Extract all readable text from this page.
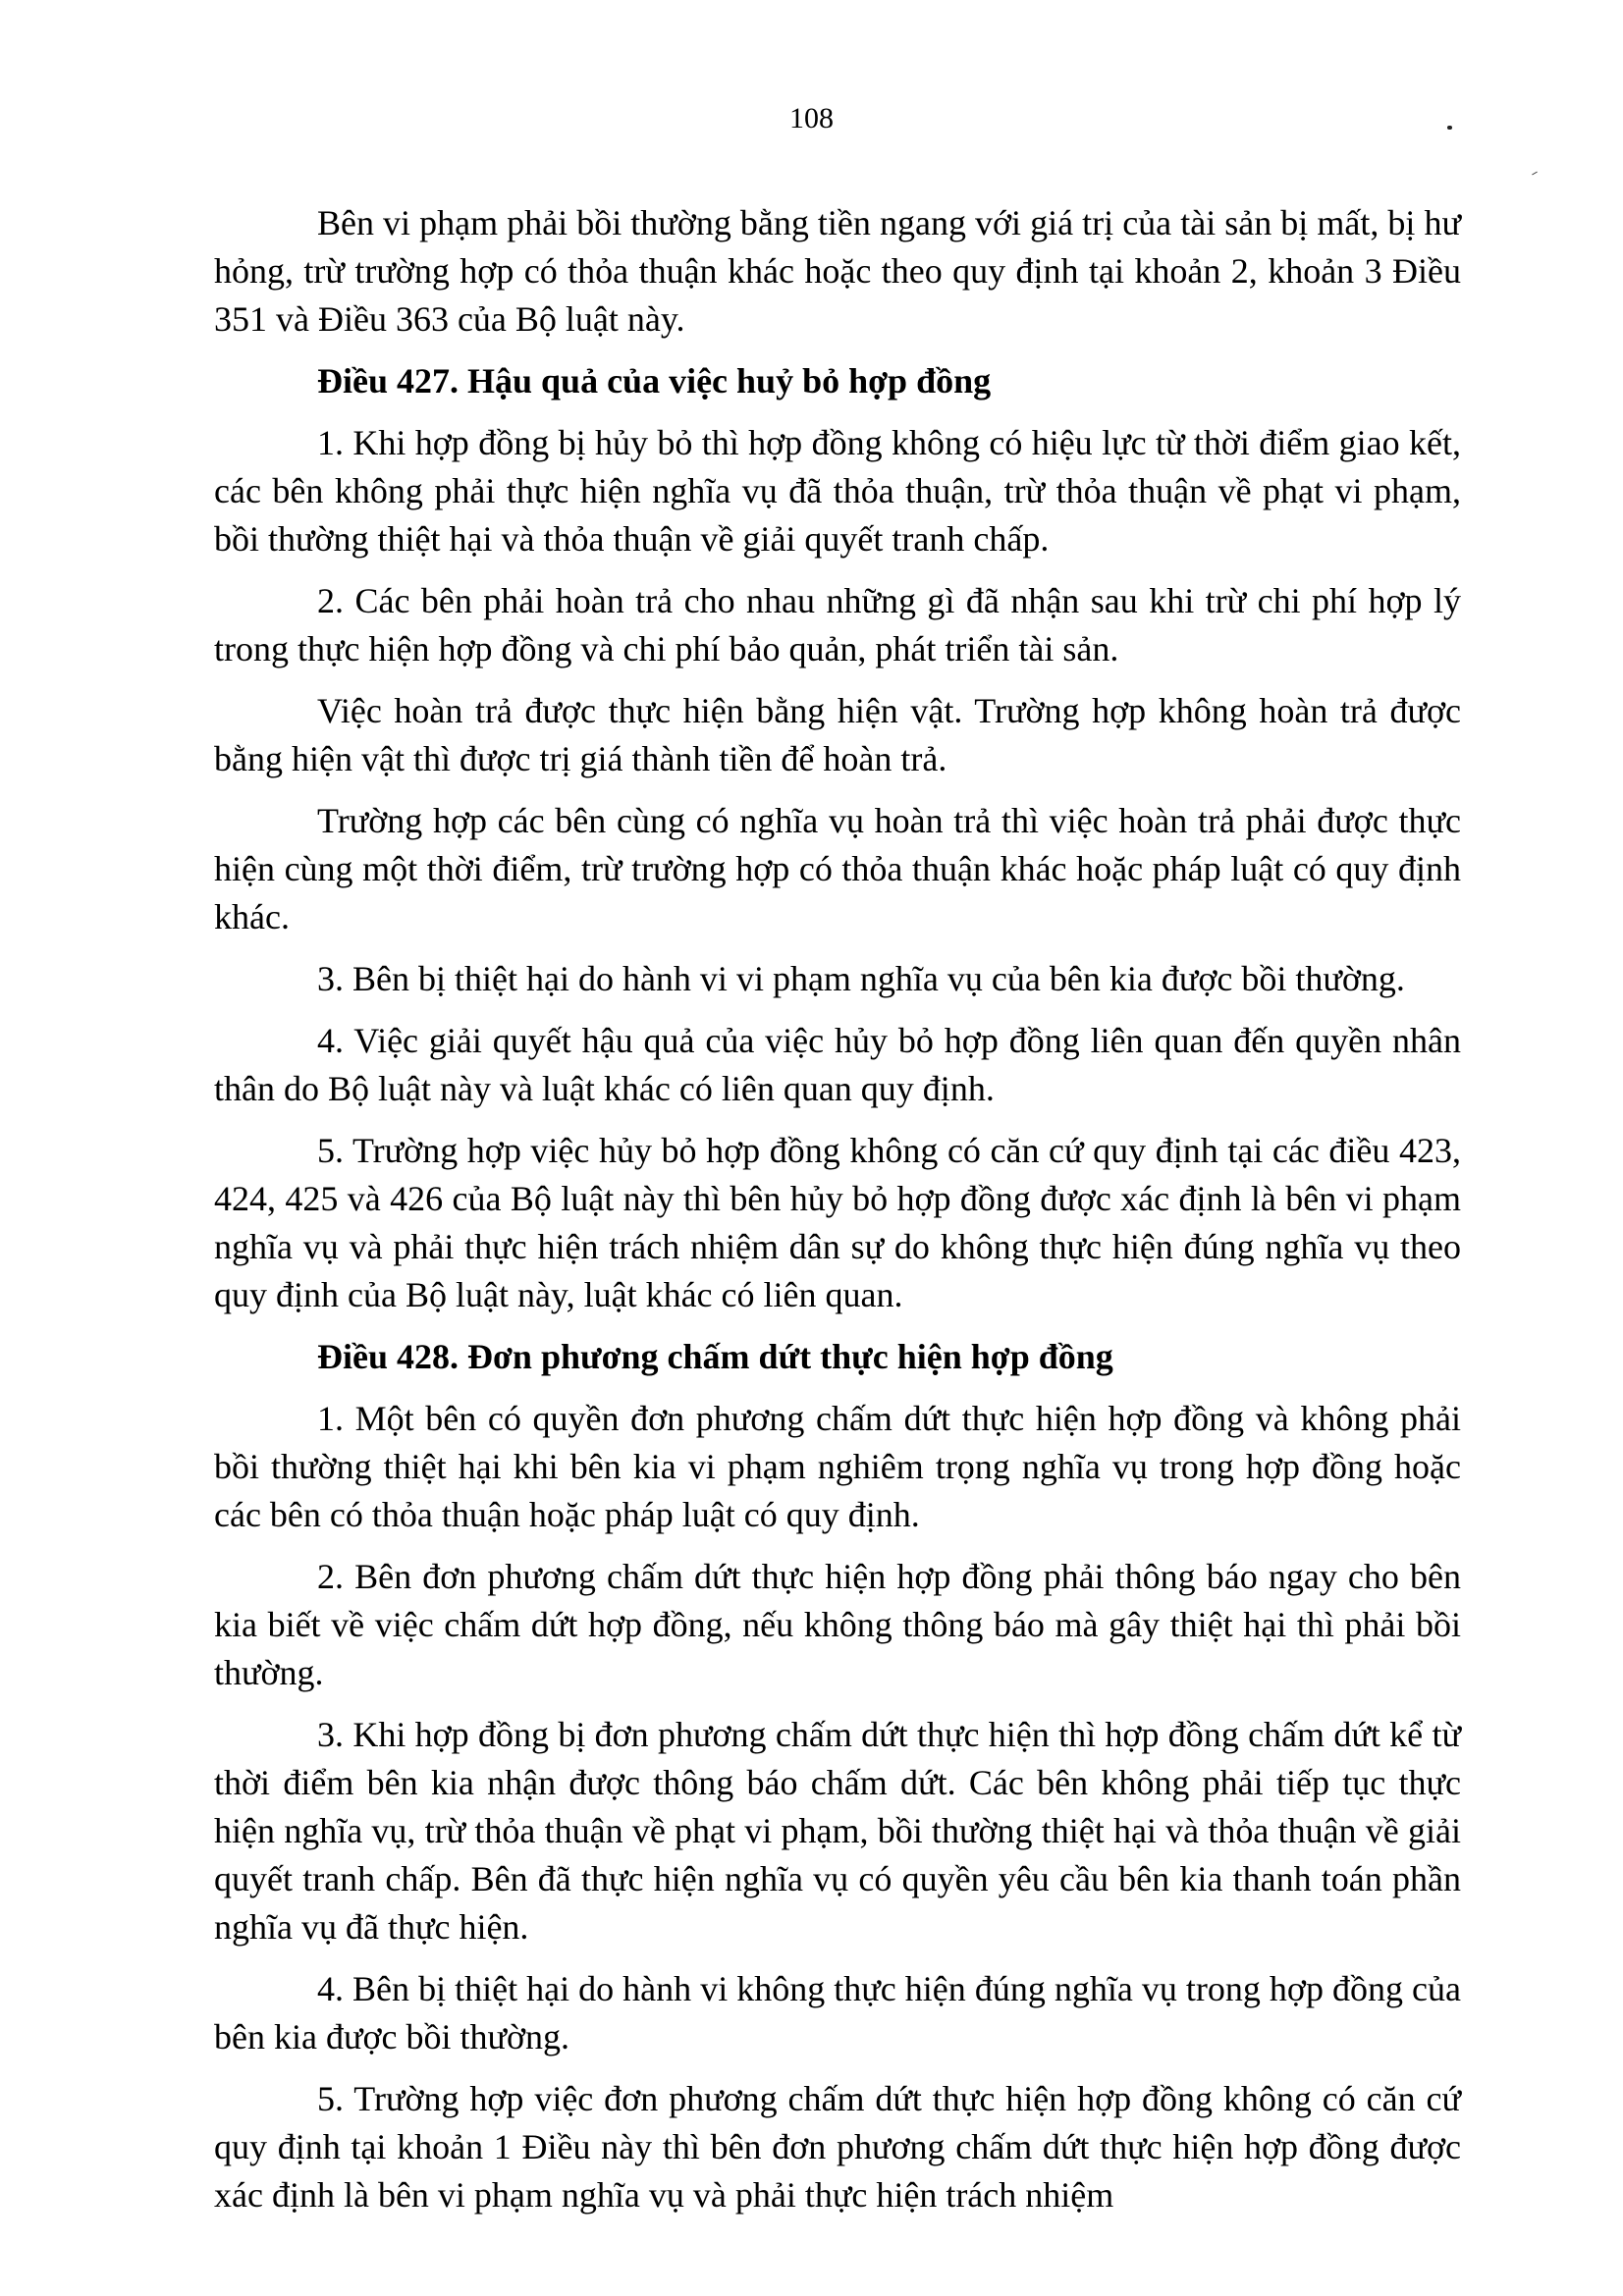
108

Bên vi phạm phải bồi thường bằng tiền ngang với giá trị của tài sản bị mất, bị hư hỏng, trừ trường hợp có thỏa thuận khác hoặc theo quy định tại khoản 2, khoản 3 Điều 351 và Điều 363 của Bộ luật này.

Điều 427. Hậu quả của việc huỷ bỏ hợp đồng

1. Khi hợp đồng bị hủy bỏ thì hợp đồng không có hiệu lực từ thời điểm giao kết, các bên không phải thực hiện nghĩa vụ đã thỏa thuận, trừ thỏa thuận về phạt vi phạm, bồi thường thiệt hại và thỏa thuận về giải quyết tranh chấp.

2. Các bên phải hoàn trả cho nhau những gì đã nhận sau khi trừ chi phí hợp lý trong thực hiện hợp đồng và chi phí bảo quản, phát triển tài sản.

Việc hoàn trả được thực hiện bằng hiện vật. Trường hợp không hoàn trả được bằng hiện vật thì được trị giá thành tiền để hoàn trả.

Trường hợp các bên cùng có nghĩa vụ hoàn trả thì việc hoàn trả phải được thực hiện cùng một thời điểm, trừ trường hợp có thỏa thuận khác hoặc pháp luật có quy định khác.

3. Bên bị thiệt hại do hành vi vi phạm nghĩa vụ của bên kia được bồi thường.

4. Việc giải quyết hậu quả của việc hủy bỏ hợp đồng liên quan đến quyền nhân thân do Bộ luật này và luật khác có liên quan quy định.

5. Trường hợp việc hủy bỏ hợp đồng không có căn cứ quy định tại các điều 423, 424, 425 và 426 của Bộ luật này thì bên hủy bỏ hợp đồng được xác định là bên vi phạm nghĩa vụ và phải thực hiện trách nhiệm dân sự do không thực hiện đúng nghĩa vụ theo quy định của Bộ luật này, luật khác có liên quan.

Điều 428. Đơn phương chấm dứt thực hiện hợp đồng

1. Một bên có quyền đơn phương chấm dứt thực hiện hợp đồng và không phải bồi thường thiệt hại khi bên kia vi phạm nghiêm trọng nghĩa vụ trong hợp đồng hoặc các bên có thỏa thuận hoặc pháp luật có quy định.

2. Bên đơn phương chấm dứt thực hiện hợp đồng phải thông báo ngay cho bên kia biết về việc chấm dứt hợp đồng, nếu không thông báo mà gây thiệt hại thì phải bồi thường.

3. Khi hợp đồng bị đơn phương chấm dứt thực hiện thì hợp đồng chấm dứt kể từ thời điểm bên kia nhận được thông báo chấm dứt. Các bên không phải tiếp tục thực hiện nghĩa vụ, trừ thỏa thuận về phạt vi phạm, bồi thường thiệt hại và thỏa thuận về giải quyết tranh chấp. Bên đã thực hiện nghĩa vụ có quyền yêu cầu bên kia thanh toán phần nghĩa vụ đã thực hiện.

4. Bên bị thiệt hại do hành vi không thực hiện đúng nghĩa vụ trong hợp đồng của bên kia được bồi thường.

5. Trường hợp việc đơn phương chấm dứt thực hiện hợp đồng không có căn cứ quy định tại khoản 1 Điều này thì bên đơn phương chấm dứt thực hiện hợp đồng được xác định là bên vi phạm nghĩa vụ và phải thực hiện trách nhiệm
